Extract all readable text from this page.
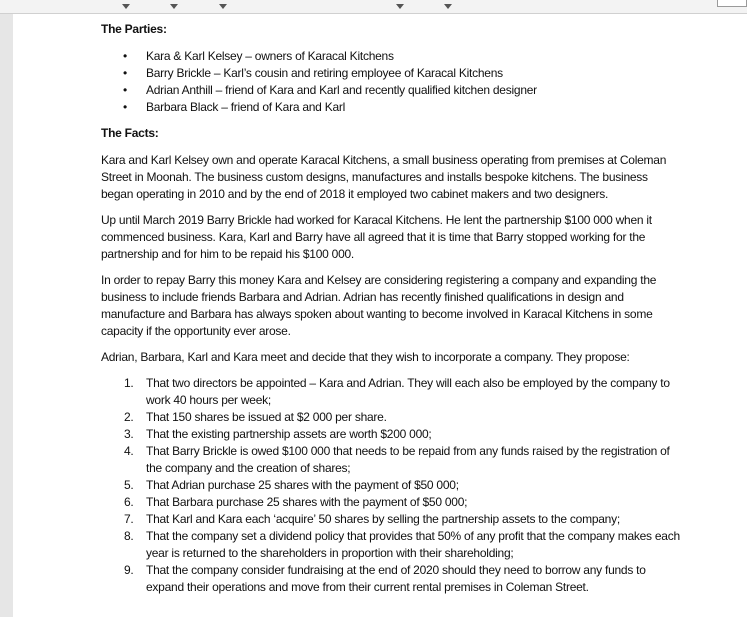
The Parties:
• Kara & Karl Kelsey – owners of Karacal Kitchens
• Barry Brickle – Karl’s cousin and retiring employee of Karacal Kitchens
• Adrian Anthill – friend of Kara and Karl and recently qualified kitchen designer
• Barbara Black – friend of Kara and Karl
The Facts:

Kara and Karl Kelsey own and operate Karacal Kitchens, a small business operating from premises at Coleman Street in Moonah. The business custom designs, manufactures and installs bespoke kitchens. The business began operating in 2010 and by the end of 2018 it employed two cabinet makers and two designers.

Up until March 2019 Barry Brickle had worked for Karacal Kitchens. He lent the partnership $100 000 when it commenced business. Kara, Karl and Barry have all agreed that it is time that Barry stopped working for the partnership and for him to be repaid his $100 000.

In order to repay Barry this money Kara and Kelsey are considering registering a company and expanding the business to include friends Barbara and Adrian. Adrian has recently finished qualifications in design and manufacture and Barbara has always spoken about wanting to become involved in Karacal Kitchens in some capacity if the opportunity ever arose.

Adrian, Barbara, Karl and Kara meet and decide that they wish to incorporate a company. They propose:

1. That two directors be appointed – Kara and Adrian. They will each also be employed by the company to work 40 hours per week;
2. That 150 shares be issued at $2 000 per share.
3. That the existing partnership assets are worth $200 000;
4. That Barry Brickle is owed $100 000 that needs to be repaid from any funds raised by the registration of the company and the creation of shares;
5. That Adrian purchase 25 shares with the payment of $50 000;
6. That Barbara purchase 25 shares with the payment of $50 000;
7. That Karl and Kara each ‘acquire’ 50 shares by selling the partnership assets to the company;
8. That the company set a dividend policy that provides that 50% of any profit that the company makes each year is returned to the shareholders in proportion with their shareholding;
9. That the company consider fundraising at the end of 2020 should they need to borrow any funds to expand their operations and move from their current rental premises in Coleman Street.
